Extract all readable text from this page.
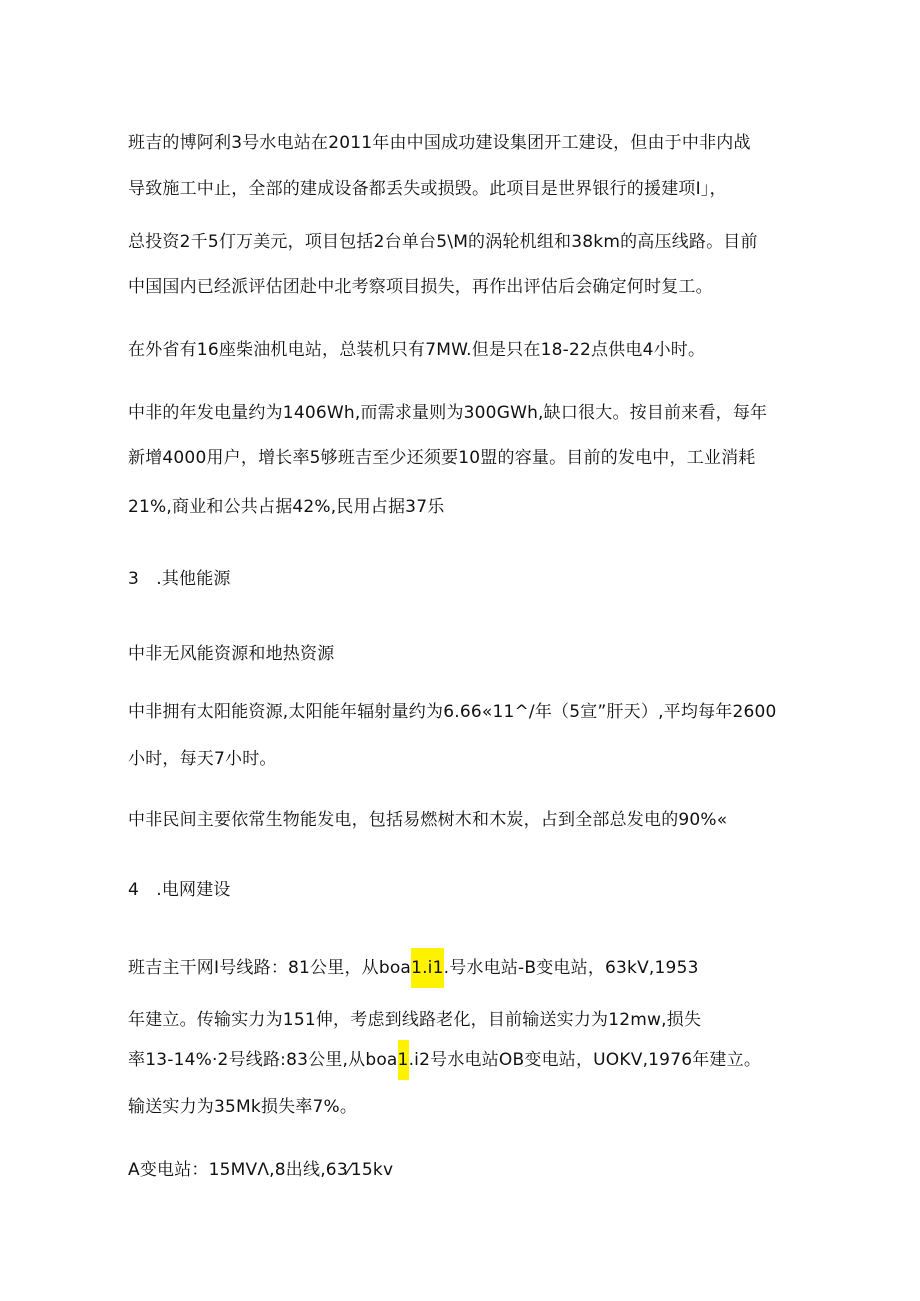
班吉的博阿利3号水电站在2011年由中国成功建设集团开工建设，但由于中非内战
导致施工中止，全部的建成设备都丢失或损毁。此项目是世界银行的援建项I」，
总投资2千5仃万美元，项目包括2台单台5\M的涡轮机组和38km的高压线路。目前
中国国内已经派评估团赴中北考察项目损失，再作出评估后会确定何时复工。
在外省有16座柴油机电站，总装机只有7MW.但是只在18-22点供电4小时。
中非的年发电量约为1406Wh,而需求量则为300GWh,缺口很大。按目前来看，每年
新增4000用户，增长率5够班吉至少还须要10盟的容量。目前的发电中，工业消耗
21%,商业和公共占据42%,民用占据37乐
3　.其他能源
中非无风能资源和地热资源
中非拥有太阳能资源,太阳能年辐射量约为6.66«11^/年（5宣”肝天）,平均每年2600
小时，每天7小时。
中非民间主要依常生物能发电，包括易燃树木和木炭，占到全部总发电的90%«
4　.电网建设
班吉主干网I号线路：81公里，从boa1.i1.号水电站-B变电站，63kV,1953
年建立。传输实力为151伸，考虑到线路老化，目前输送实力为12mw,损失
率13-14%·2号线路:83公里,从boa1.i2号水电站OB变电站，UOKV,1976年建立。
输送实力为35Mk损失率7%。
A变电站：15MVΛ,8出线,63⁄15kv
